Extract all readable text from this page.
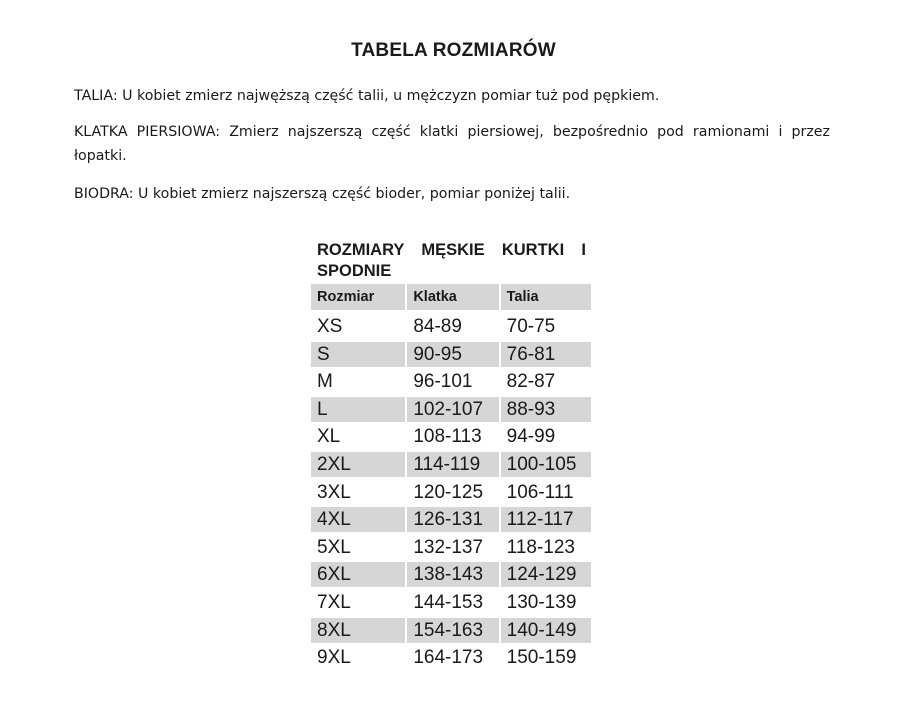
TABELA ROZMIARÓW
TALIA: U kobiet zmierz najwęższą część talii, u mężczyzn pomiar tuż pod pępkiem.
KLATKA PIERSIOWA: Zmierz najszerszą część klatki piersiowej, bezpośrednio pod ramionami i przez łopatki.
BIODRA: U kobiet zmierz najszerszą część bioder, pomiar poniżej talii.
ROZMIARY MĘSKIE KURTKI I SPODNIE
Rozmiar	Klatka	Talia
XS	84-89	70-75
S	90-95	76-81
M	96-101	82-87
L	102-107	88-93
XL	108-113	94-99
2XL	114-119	100-105
3XL	120-125	106-111
4XL	126-131	112-117
5XL	132-137	118-123
6XL	138-143	124-129
7XL	144-153	130-139
8XL	154-163	140-149
9XL	164-173	150-159
